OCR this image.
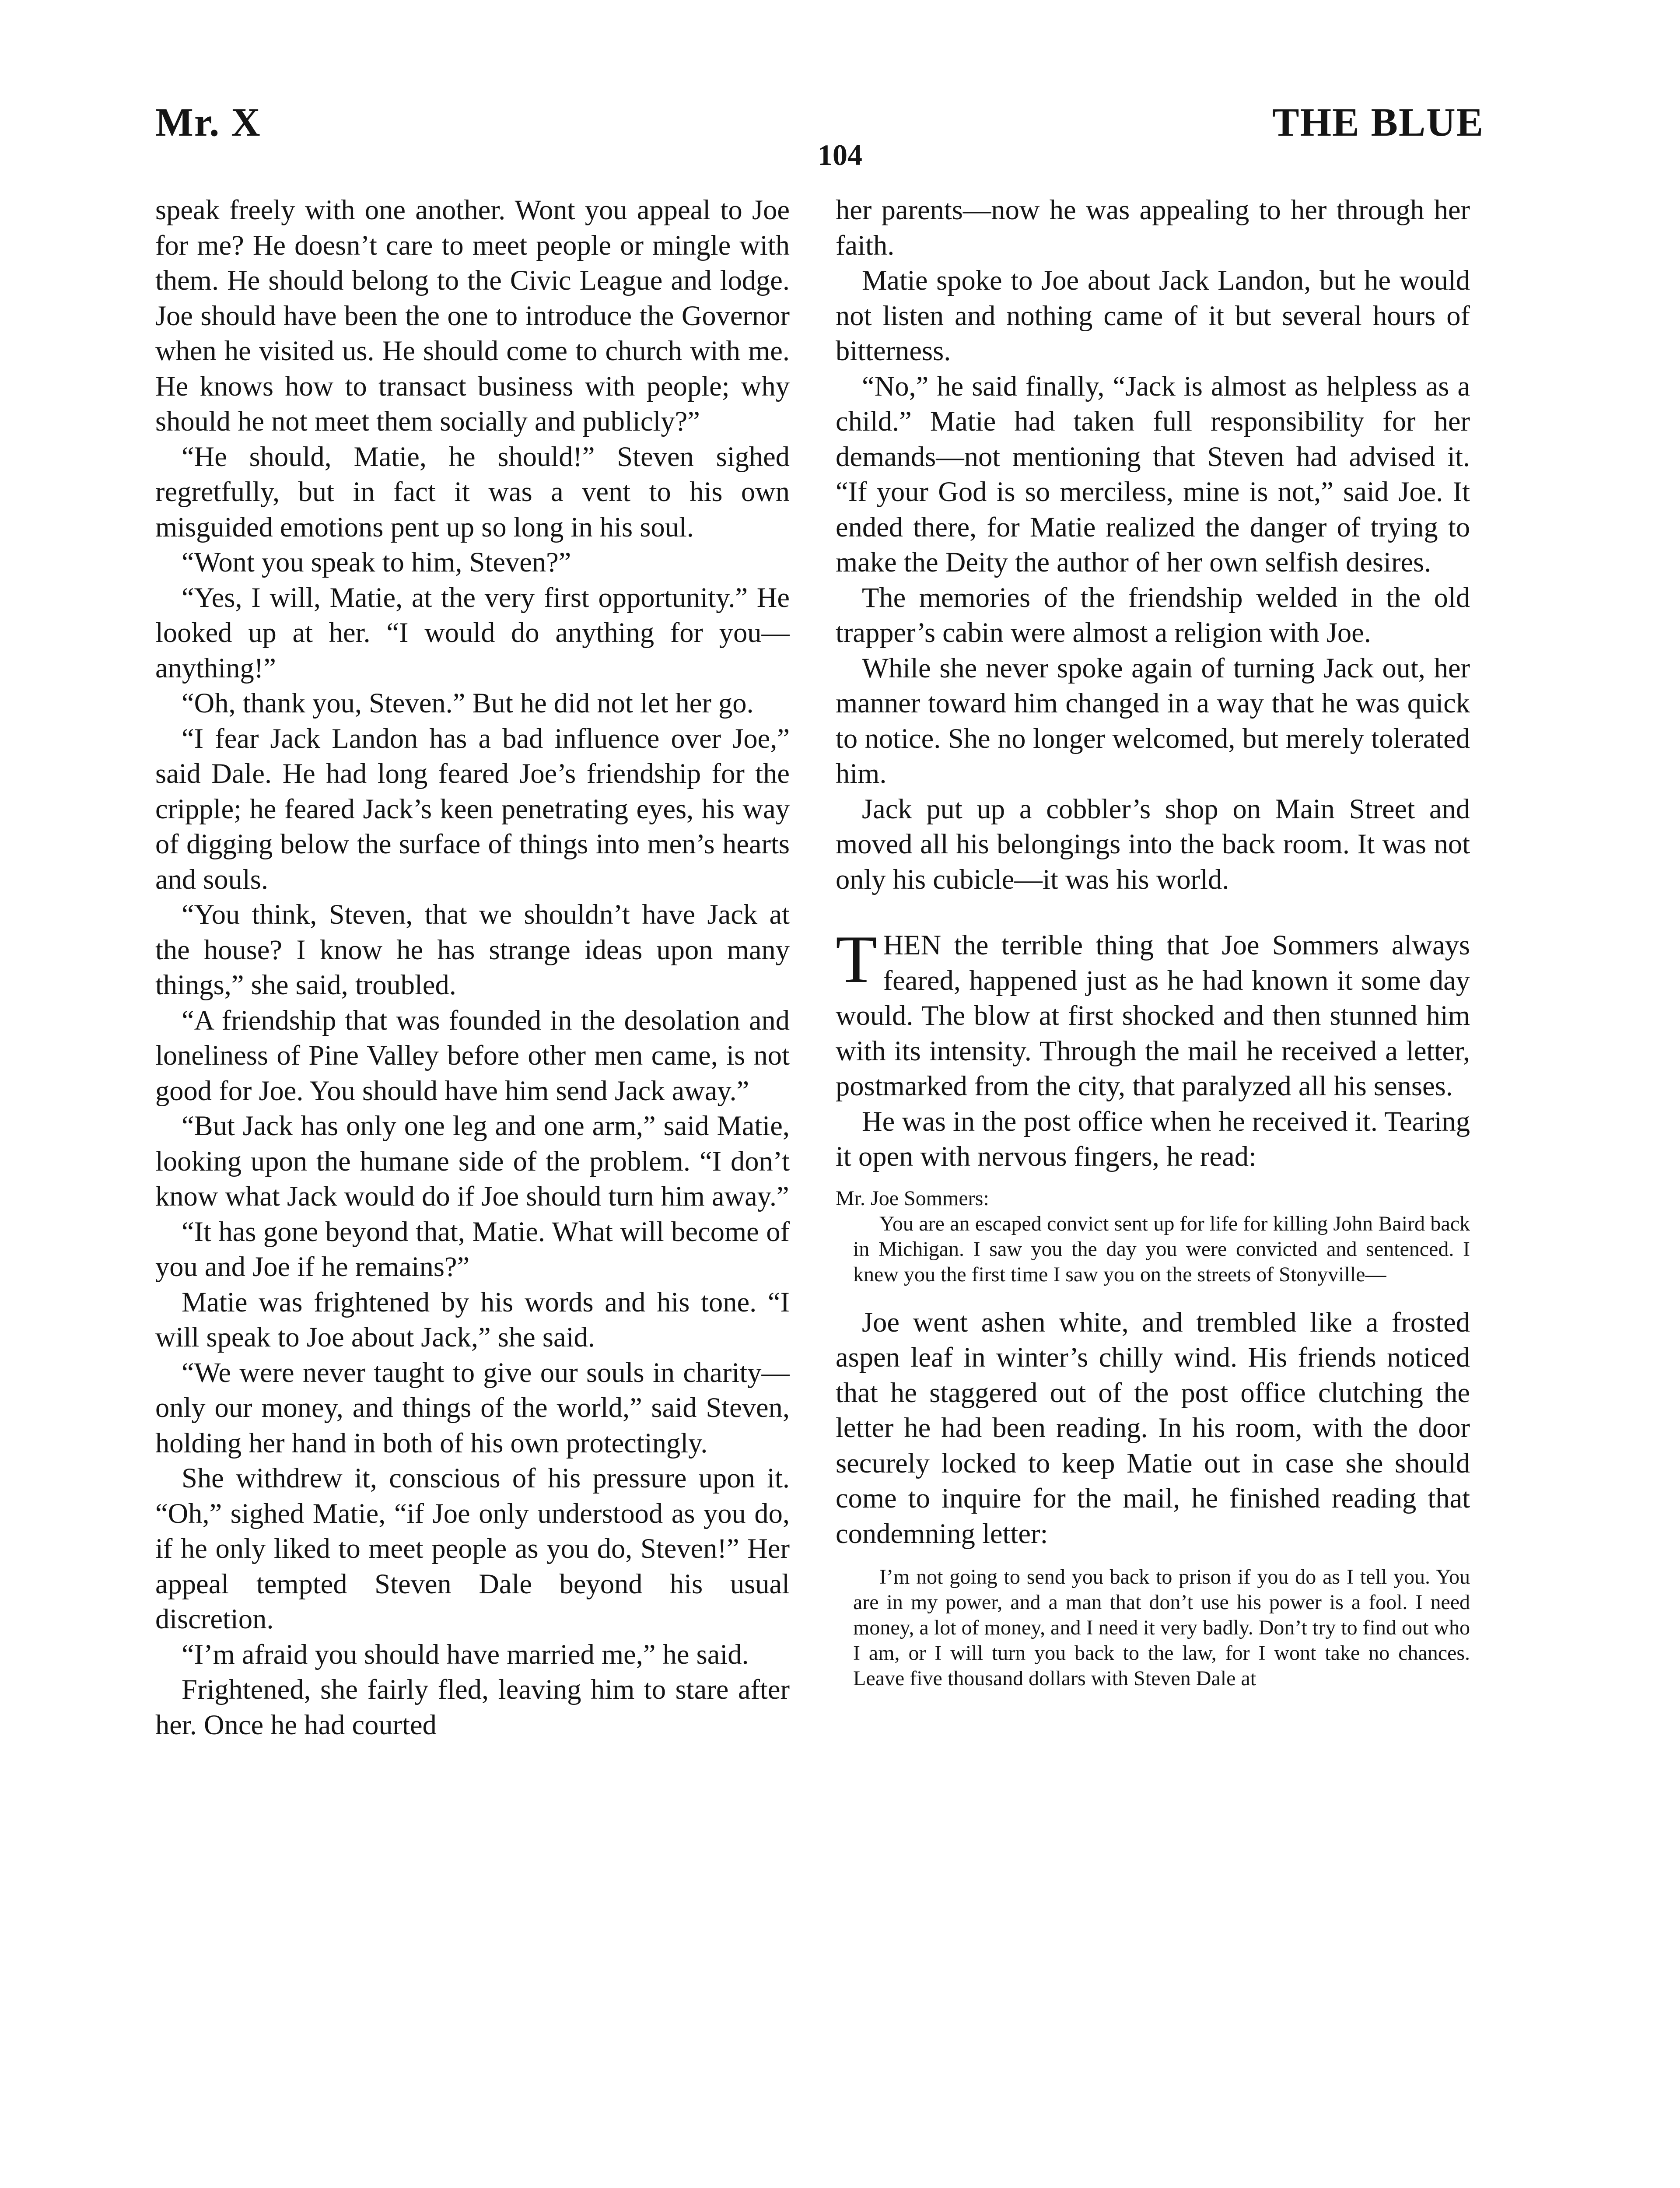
Mr. X	THE BLUE
104

speak freely with one another. Wont you appeal to Joe for me? He doesn’t care to meet people or mingle with them. He should belong to the Civic League and lodge. Joe should have been the one to introduce the Governor when he visited us. He should come to church with me. He knows how to transact business with people; why should he not meet them socially and publicly?”

“He should, Matie, he should!” Steven sighed regretfully, but in fact it was a vent to his own misguided emotions pent up so long in his soul.

“Wont you speak to him, Steven?”

“Yes, I will, Matie, at the very first opportunity.” He looked up at her. “I would do anything for you—anything!”

“Oh, thank you, Steven.” But he did not let her go.

“I fear Jack Landon has a bad influence over Joe,” said Dale. He had long feared Joe’s friendship for the cripple; he feared Jack’s keen penetrating eyes, his way of digging below the surface of things into men’s hearts and souls.

“You think, Steven, that we shouldn’t have Jack at the house? I know he has strange ideas upon many things,” she said, troubled.

“A friendship that was founded in the desolation and loneliness of Pine Valley before other men came, is not good for Joe. You should have him send Jack away.”

“But Jack has only one leg and one arm,” said Matie, looking upon the humane side of the problem. “I don’t know what Jack would do if Joe should turn him away.”

“It has gone beyond that, Matie. What will become of you and Joe if he remains?”

Matie was frightened by his words and his tone. “I will speak to Joe about Jack,” she said.

“We were never taught to give our souls in charity—only our money, and things of the world,” said Steven, holding her hand in both of his own protectingly.

She withdrew it, conscious of his pressure upon it. “Oh,” sighed Matie, “if Joe only understood as you do, if he only liked to meet people as you do, Steven!” Her appeal tempted Steven Dale beyond his usual discretion.

“I’m afraid you should have married me,” he said.

Frightened, she fairly fled, leaving him to stare after her. Once he had courted

her parents—now he was appealing to her through her faith.

Matie spoke to Joe about Jack Landon, but he would not listen and nothing came of it but several hours of bitterness.

“No,” he said finally, “Jack is almost as helpless as a child.” Matie had taken full responsibility for her demands—not mentioning that Steven had advised it. “If your God is so merciless, mine is not,” said Joe. It ended there, for Matie realized the danger of trying to make the Deity the author of her own selfish desires.

The memories of the friendship welded in the old trapper’s cabin were almost a religion with Joe.

While she never spoke again of turning Jack out, her manner toward him changed in a way that he was quick to notice. She no longer welcomed, but merely tolerated him.

Jack put up a cobbler’s shop on Main Street and moved all his belongings into the back room. It was not only his cubicle—it was his world.

THEN the terrible thing that Joe Sommers always feared, happened just as he had known it some day would. The blow at first shocked and then stunned him with its intensity. Through the mail he received a letter, postmarked from the city, that paralyzed all his senses.

He was in the post office when he received it. Tearing it open with nervous fingers, he read:

Mr. Joe Sommers:

You are an escaped convict sent up for life for killing John Baird back in Michigan. I saw you the day you were convicted and sentenced. I knew you the first time I saw you on the streets of Stonyville—

Joe went ashen white, and trembled like a frosted aspen leaf in winter’s chilly wind. His friends noticed that he staggered out of the post office clutching the letter he had been reading. In his room, with the door securely locked to keep Matie out in case she should come to inquire for the mail, he finished reading that condemning letter:

I’m not going to send you back to prison if you do as I tell you. You are in my power, and a man that don’t use his power is a fool. I need money, a lot of money, and I need it very badly. Don’t try to find out who I am, or I will turn you back to the law, for I wont take no chances. Leave five thousand dollars with Steven Dale at
